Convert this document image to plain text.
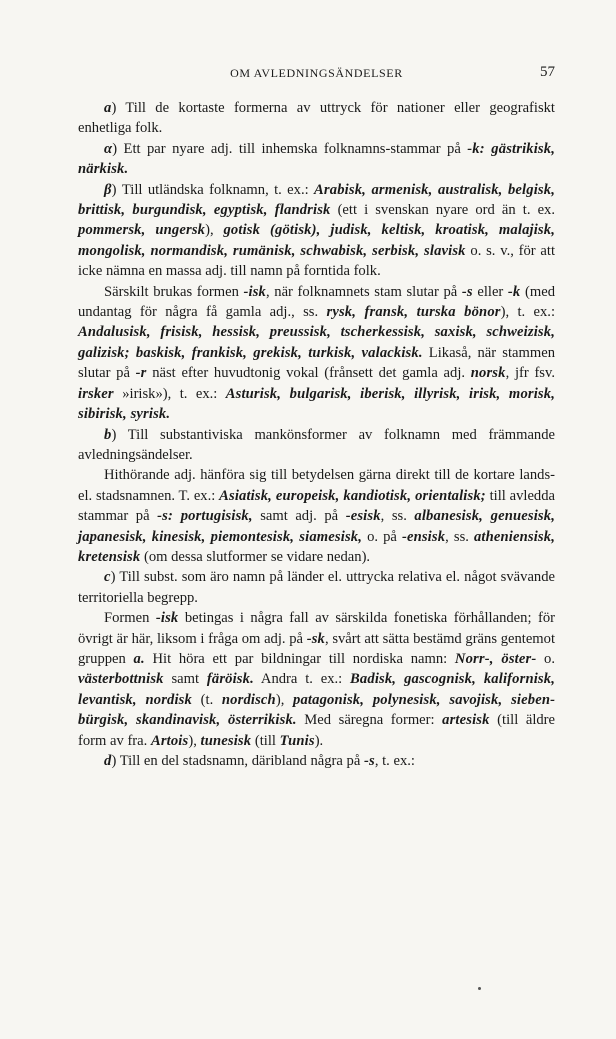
OM AVLEDNINGSÄNDELSER	57

a) Till de kortaste formerna av uttryck för nationer eller geografiskt enhetliga folk.

α) Ett par nyare adj. till inhemska folknamns-stammar på -k: gästrikisk, närkisk.

β) Till utländska folknamn, t. ex.: Arabisk, armenisk, australisk, belgisk, brittisk, burgundisk, egyptisk, flandrisk (ett i svenskan nyare ord än t. ex. pommersk, ungersk), gotisk (götisk), judisk, keltisk, kroatisk, malajisk, mongolisk, normandisk, rumänisk, schwabisk, serbisk, slavisk o. s. v., för att icke nämna en massa adj. till namn på forntida folk.

Särskilt brukas formen -isk, när folknamnets stam slutar på -s eller -k (med undantag för några få gamla adj., ss. rysk, fransk, turska bönor), t. ex.: Andalusisk, frisisk, hessisk, preussisk, tscherkessisk, saxisk, schweizisk, galizisk; baskisk, frankisk, grekisk, turkisk, valackisk. Likaså, när stammen slutar på -r näst efter huvudtonig vokal (frånsett det gamla adj. norsk, jfr fsv. irsker »irisk»), t. ex.: Asturisk, bulgarisk, iberisk, illyrisk, irisk, morisk, sibirisk, syrisk.

b) Till substantiviska mankönsformer av folknamn med främmande avledningsändelser.

Hithörande adj. hänföra sig till betydelsen gärna direkt till de kortare lands- el. stadsnamnen. T. ex.: Asiatisk, europeisk, kandiotisk, orientalisk; till avledda stammar på -s: portugisisk, samt adj. på -esisk, ss. albanesisk, genuesisk, japanesisk, kinesisk, piemontesisk, siamesisk, o. på -ensisk, ss. atheniensisk, kretensisk (om dessa slutformer se vidare nedan).

c) Till subst. som äro namn på länder el. uttrycka relativa el. något svävande territoriella begrepp.

Formen -isk betingas i några fall av särskilda fonetiska förhållanden; för övrigt är här, liksom i fråga om adj. på -sk, svårt att sätta bestämd gräns gentemot gruppen a. Hit höra ett par bildningar till nordiska namn: Norr-, öster- o. västerbottnisk samt färöisk. Andra t. ex.: Badisk, gascognisk, kalifornisk, levantisk, nordisk (t. nordisch), patagonisk, polynesisk, savojisk, siebenbürgisk, skandinavisk, österrikisk. Med säregna former: artesisk (till äldre form av fra. Artois), tunesisk (till Tunis).

d) Till en del stadsnamn, däribland några på -s, t. ex.:
